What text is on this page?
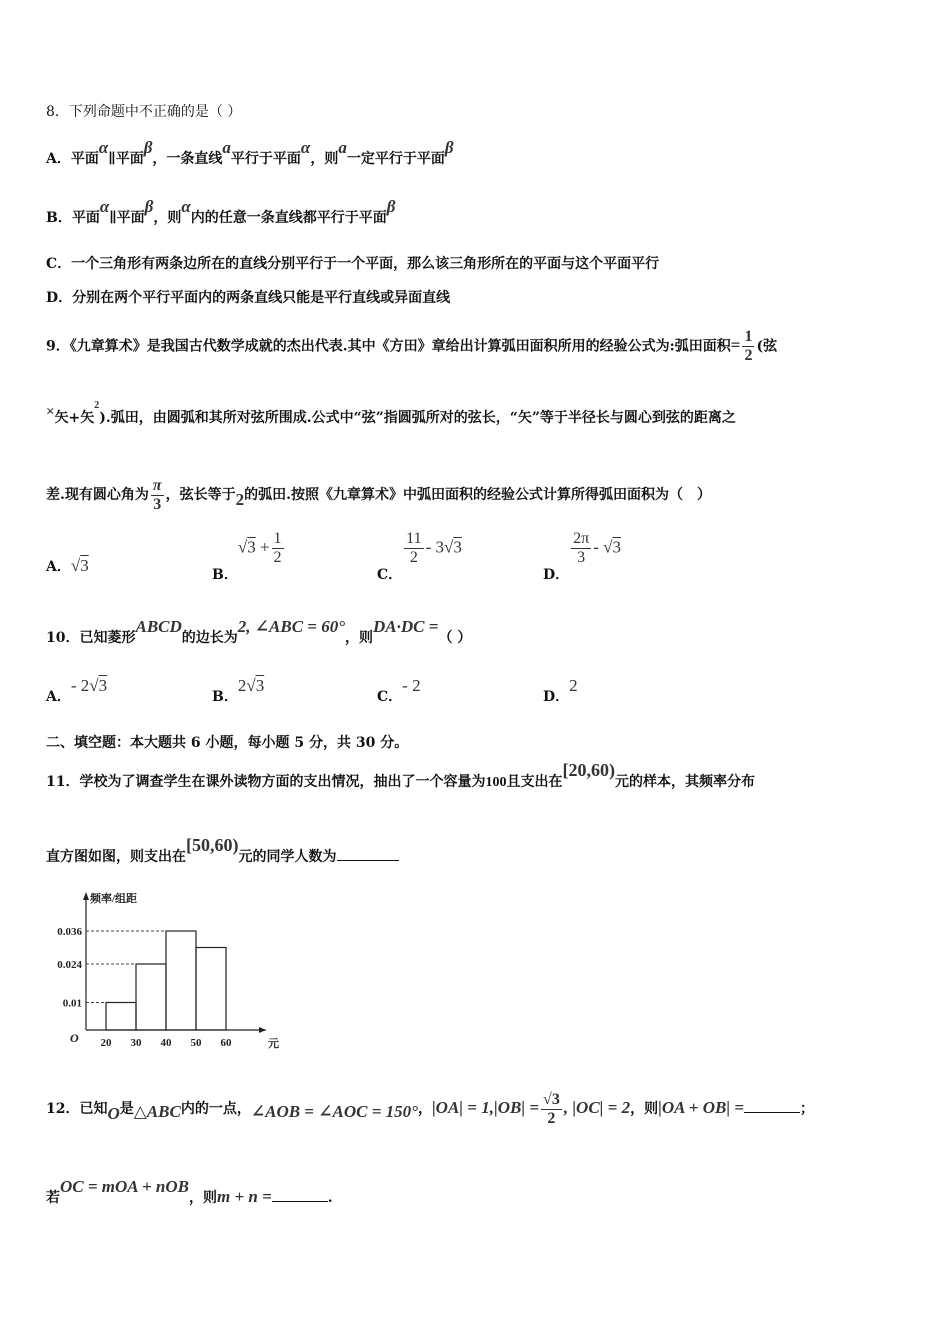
8．下列命题中不正确的是（ ）
A．平面α∥平面β，一条直线a平行于平面α，则a一定平行于平面β
B．平面α∥平面β，则α内的任意一条直线都平行于平面β
C．一个三角形有两条边所在的直线分别平行于一个平面，那么该三角形所在的平面与这个平面平行
D．分别在两个平行平面内的两条直线只能是平行直线或异面直线
9．《九章算术》是我国古代数学成就的杰出代表.其中《方田》章给出计算弧田面积所用的经验公式为:弧田面积= $\frac{1}{2}$ (弦
×矢+矢$^2$).弧田，由圆弧和其所对弦所围成.公式中“弦”指圆弧所对的弦长，“矢”等于半径长与圆心到弦的距离之
差.现有圆心角为 $\frac{\pi}{3}$ ，弦长等于2的弧田.按照《九章算术》中弧田面积的经验公式计算所得弧田面积为（　）
A．√3	B．$√3 + \frac{1}{2}$
C．
$\frac{11}{2} - 3√3$
D．
$\frac{2\pi}{3} - √3$
10．已知菱形ABCD的边长为2, ∠ABC = 60°，则DA·DC =（ ）
A．- 2√3
B．2√3
C．- 2
D．2
二、填空题：本大题共 6 小题，每小题 5 分，共 30 分。
11．学校为了调查学生在课外读物方面的支出情况，抽出了一个容量为100且支出在[20,60)元的样本，其频率分布
直方图如图，则支出在[50,60)元的同学人数为
0.01
0.024
0.036
20 30 40 50 60
频率/组距
元
O
12．已知O是△ABC内的一点，∠AOB = ∠AOC = 150°，$|OA| = 1,|OB| = \frac{√3}{2}$ , |OC| = 2，则|OA + OB| =	；
若OC = mOA + nOB，则m + n =	.
